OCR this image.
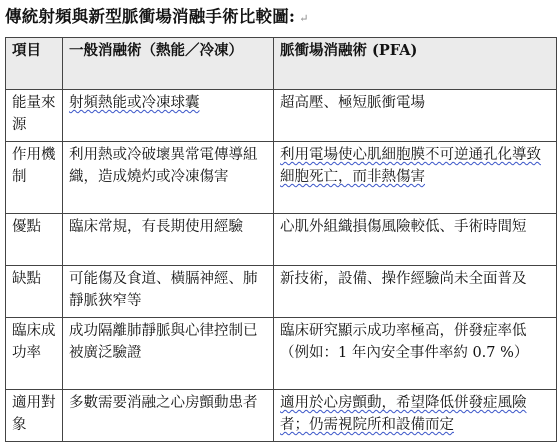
傳統射頻與新型脈衝場消融手術比較圖: ↵
項目	一般消融術（熱能／冷凍）	脈衝場消融術 (PFA)
能量來源	射頻熱能或冷凍球囊	超高壓、極短脈衝電場
作用機制	利用熱或冷破壞異常電傳導組織，造成燒灼或冷凍傷害	利用電場使心肌細胞膜不可逆通孔化導致細胞死亡，而非熱傷害
優點	臨床常規，有長期使用經驗	心肌外組織損傷風險較低、手術時間短
缺點	可能傷及食道、橫膈神經、肺靜脈狹窄等	新技術，設備、操作經驗尚未全面普及
臨床成功率	成功隔離肺靜脈與心律控制已被廣泛驗證	臨床研究顯示成功率極高，併發症率低（例如：1 年內安全事件率約 0.7 %）
適用對象	多數需要消融之心房顫動患者	適用於心房顫動，希望降低併發症風險者；仍需視院所和設備而定
